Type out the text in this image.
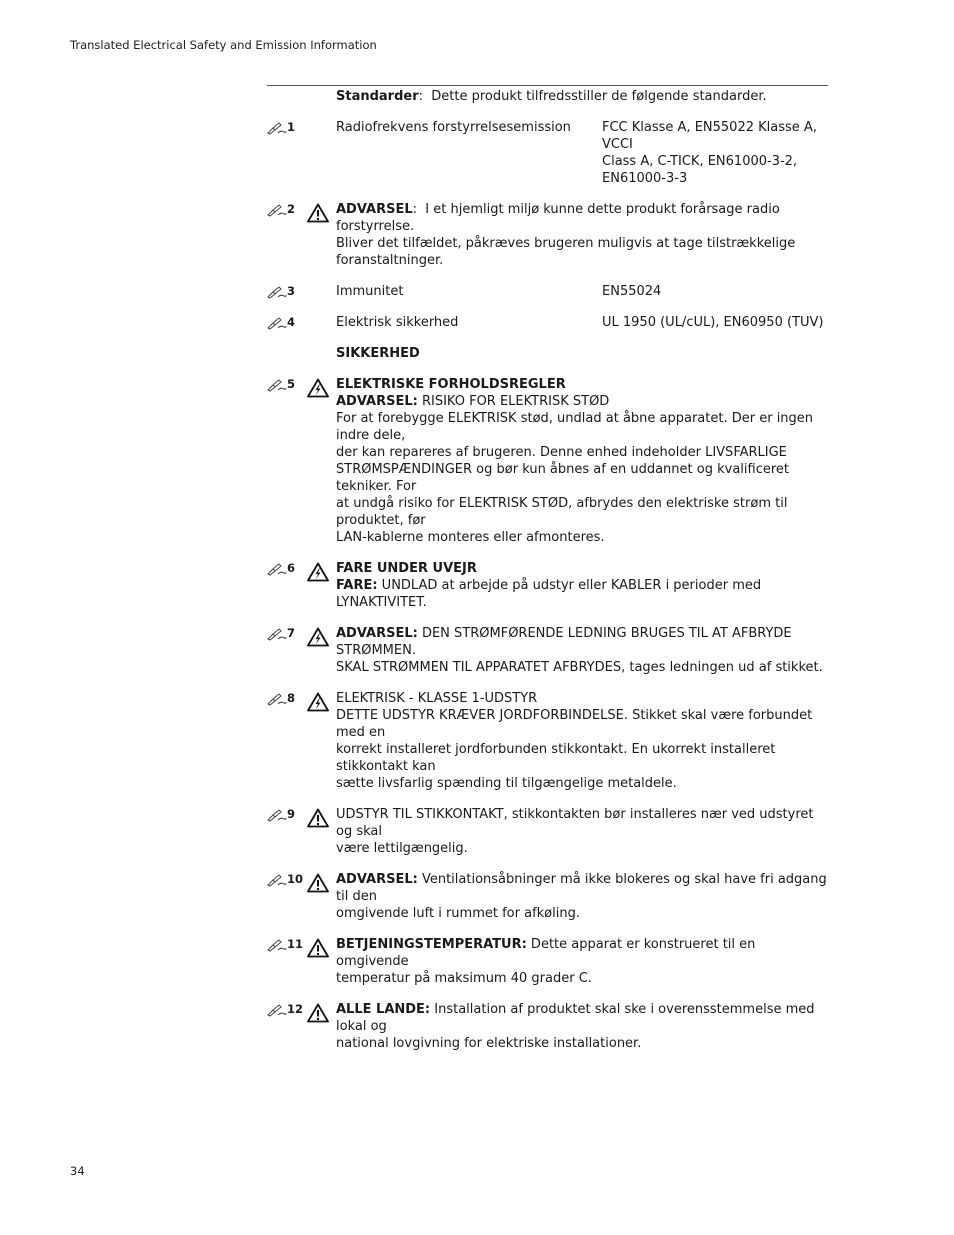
Translated Electrical Safety and Emission Information
Standarder:  Dette produkt tilfredsstiller de følgende standarder.
1	Radiofrekvens forstyrrelsesemission	FCC Klasse A, EN55022 Klasse A, VCCI
Class A, C-TICK, EN61000-3-2,
EN61000-3-3
2	ADVARSEL:  I et hjemligt miljø kunne dette produkt forårsage radio forstyrrelse.
Bliver det tilfældet, påkræves brugeren muligvis at tage tilstrækkelige
foranstaltninger.
3	Immunitet	EN55024
4	Elektrisk sikkerhed	UL 1950 (UL/cUL), EN60950 (TUV)
SIKKERHED
5	ELEKTRISKE FORHOLDSREGLER
ADVARSEL: RISIKO FOR ELEKTRISK STØD
For at forebygge ELEKTRISK stød, undlad at åbne apparatet. Der er ingen indre dele,
der kan repareres af brugeren. Denne enhed indeholder LIVSFARLIGE
STRØMSPÆNDINGER og bør kun åbnes af en uddannet og kvalificeret tekniker. For
at undgå risiko for ELEKTRISK STØD, afbrydes den elektriske strøm til produktet, før
LAN-kablerne monteres eller afmonteres.
6	FARE UNDER UVEJR
FARE: UNDLAD at arbejde på udstyr eller KABLER i perioder med LYNAKTIVITET.
7	ADVARSEL: DEN STRØMFØRENDE LEDNING BRUGES TIL AT AFBRYDE STRØMMEN.
SKAL STRØMMEN TIL APPARATET AFBRYDES, tages ledningen ud af stikket.
8	ELEKTRISK - KLASSE 1-UDSTYR
DETTE UDSTYR KRÆVER JORDFORBINDELSE. Stikket skal være forbundet med en
korrekt installeret jordforbunden stikkontakt. En ukorrekt installeret stikkontakt kan
sætte livsfarlig spænding til tilgængelige metaldele.
9	UDSTYR TIL STIKKONTAKT, stikkontakten bør installeres nær ved udstyret og skal
være lettilgængelig.
10	ADVARSEL: Ventilationsåbninger må ikke blokeres og skal have fri adgang til den
omgivende luft i rummet for afkøling.
11	BETJENINGSTEMPERATUR: Dette apparat er konstrueret til en omgivende
temperatur på maksimum 40 grader C.
12	ALLE LANDE: Installation af produktet skal ske i overensstemmelse med lokal og
national lovgivning for elektriske installationer.
34
